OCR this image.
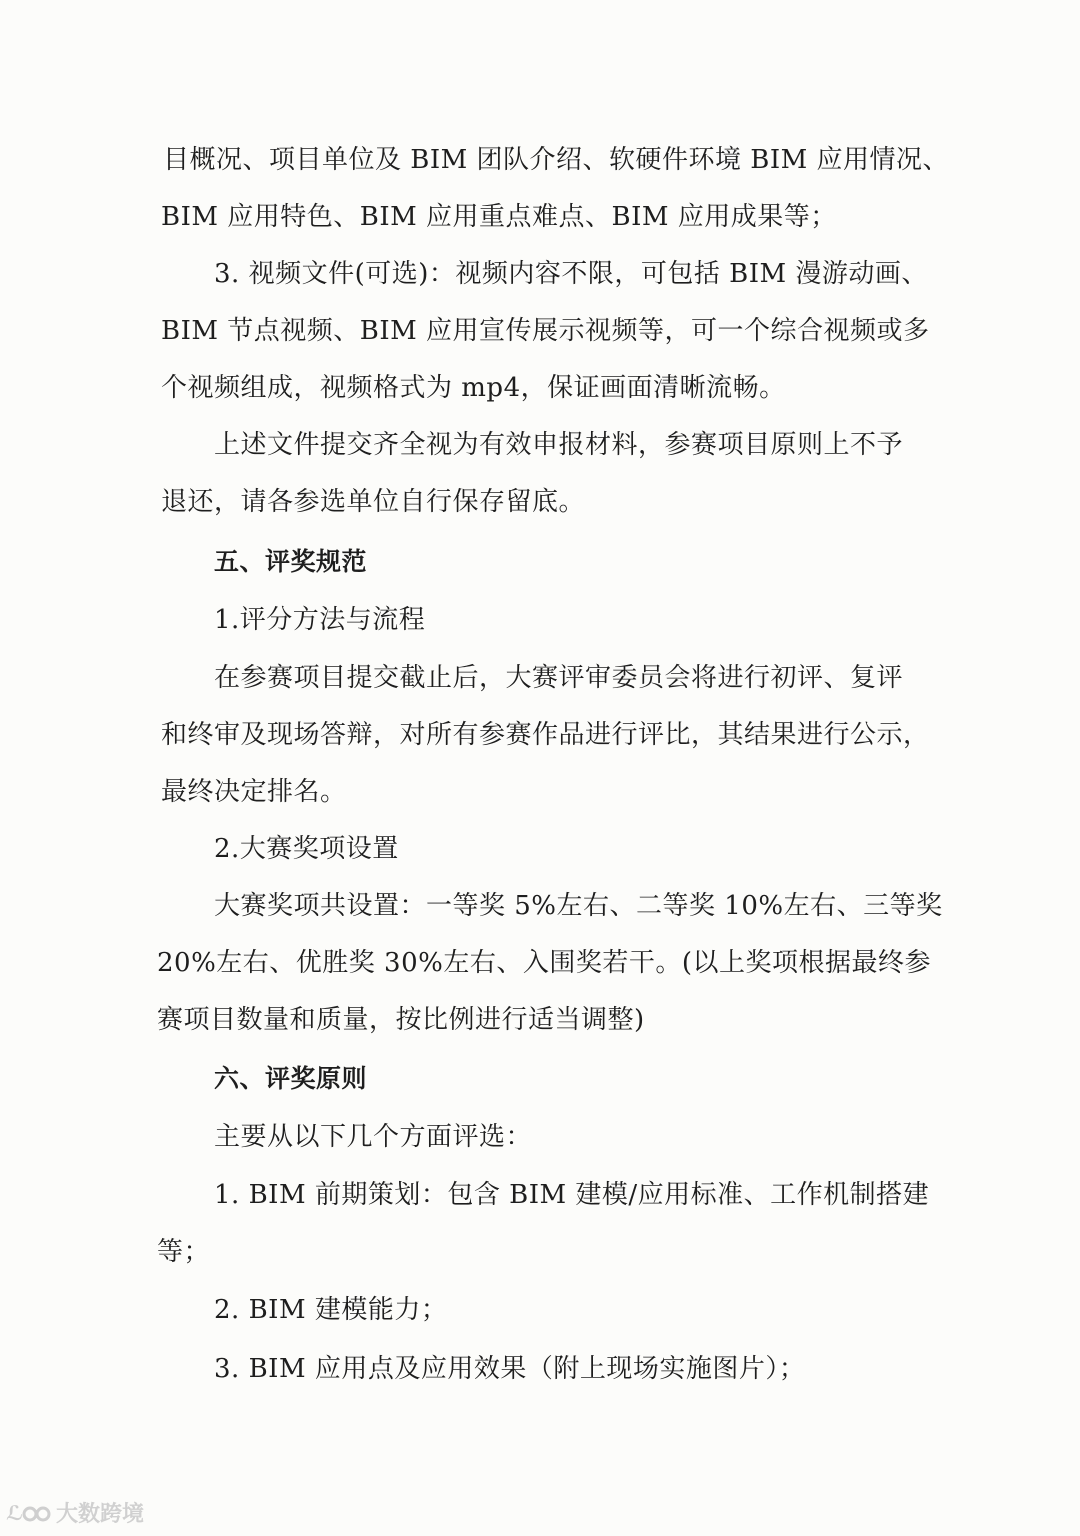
目概况、项目单位及 BIM 团队介绍、软硬件环境 BIM 应用情况、
BIM 应用特色、BIM 应用重点难点、BIM 应用成果等；
3. 视频文件(可选)：视频内容不限，可包括 BIM 漫游动画、
BIM 节点视频、BIM 应用宣传展示视频等，可一个综合视频或多
个视频组成，视频格式为 mp4，保证画面清晰流畅。
上述文件提交齐全视为有效申报材料，参赛项目原则上不予
退还，请各参选单位自行保存留底。
五、评奖规范
1.评分方法与流程
在参赛项目提交截止后，大赛评审委员会将进行初评、复评
和终审及现场答辩，对所有参赛作品进行评比，其结果进行公示，
最终决定排名。
2.大赛奖项设置
大赛奖项共设置：一等奖 5%左右、二等奖 10%左右、三等奖
20%左右、优胜奖 30%左右、入围奖若干。(以上奖项根据最终参
赛项目数量和质量，按比例进行适当调整)
六、评奖原则
主要从以下几个方面评选：
1. BIM 前期策划：包含 BIM 建模/应用标准、工作机制搭建
等；
2. BIM 建模能力；
3. BIM 应用点及应用效果（附上现场实施图片）；
ℒ 大数跨境
